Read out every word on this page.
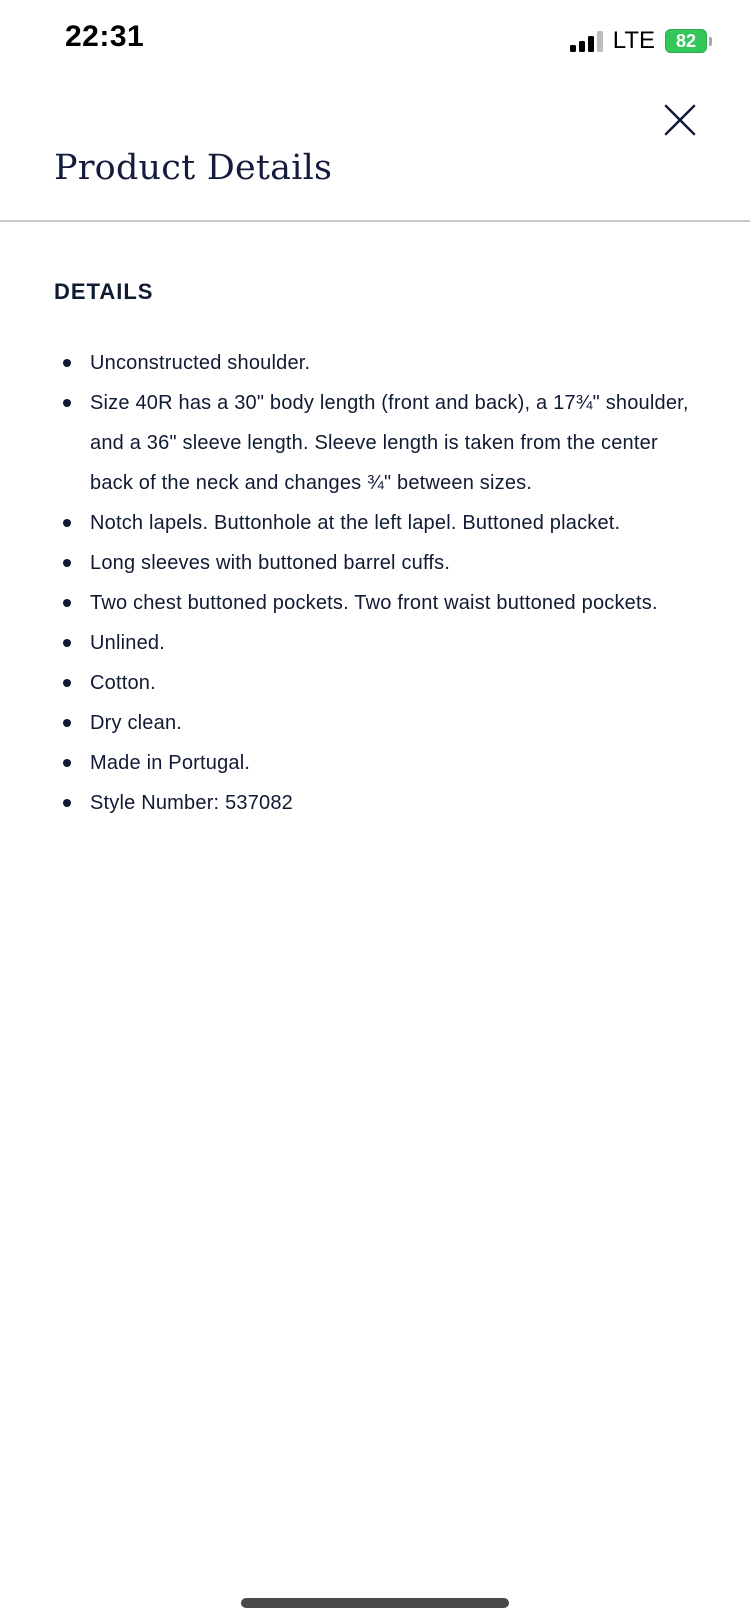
22:31	LTE	82
Product Details
DETAILS
Unconstructed shoulder.
Size 40R has a 30" body length (front and back), a 17¾" shoulder, and a 36" sleeve length. Sleeve length is taken from the center back of the neck and changes ¾" between sizes.
Notch lapels. Buttonhole at the left lapel. Buttoned placket.
Long sleeves with buttoned barrel cuffs.
Two chest buttoned pockets. Two front waist buttoned pockets.
Unlined.
Cotton.
Dry clean.
Made in Portugal.
Style Number: 537082
